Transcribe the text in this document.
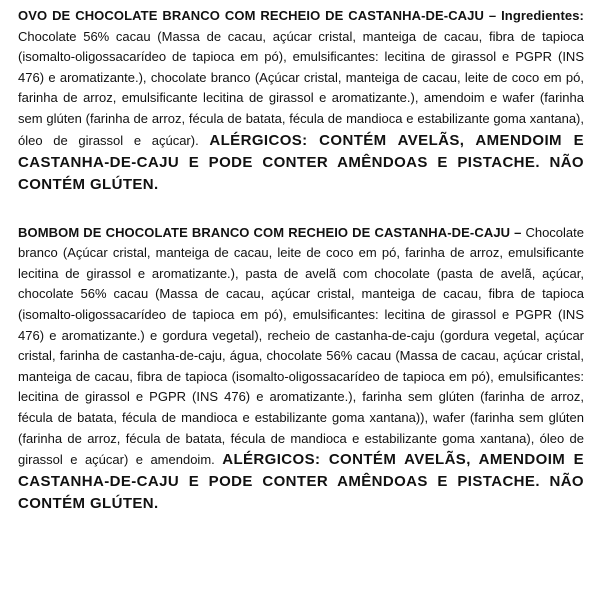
OVO DE CHOCOLATE BRANCO COM RECHEIO DE CASTANHA-DE-CAJU – Ingredientes: Chocolate 56% cacau (Massa de cacau, açúcar cristal, manteiga de cacau, fibra de tapioca (isomalto-oligossacarídeo de tapioca em pó), emulsificantes: lecitina de girassol e PGPR (INS 476) e aromatizante.), chocolate branco (Açúcar cristal, manteiga de cacau, leite de coco em pó, farinha de arroz, emulsificante lecitina de girassol e aromatizante.), amendoim e wafer (farinha sem glúten (farinha de arroz, fécula de batata, fécula de mandioca e estabilizante goma xantana), óleo de girassol e açúcar). ALÉRGICOS: CONTÉM AVELÃS, AMENDOIM E CASTANHA-DE-CAJU E PODE CONTER AMÊNDOAS E PISTACHE. NÃO CONTÉM GLÚTEN.

BOMBOM DE CHOCOLATE BRANCO COM RECHEIO DE CASTANHA-DE-CAJU – Chocolate branco (Açúcar cristal, manteiga de cacau, leite de coco em pó, farinha de arroz, emulsificante lecitina de girassol e aromatizante.), pasta de avelã com chocolate (pasta de avelã, açúcar, chocolate 56% cacau (Massa de cacau, açúcar cristal, manteiga de cacau, fibra de tapioca (isomalto-oligossacarídeo de tapioca em pó), emulsificantes: lecitina de girassol e PGPR (INS 476) e aromatizante.) e gordura vegetal), recheio de castanha-de-caju (gordura vegetal, açúcar cristal, farinha de castanha-de-caju, água, chocolate 56% cacau (Massa de cacau, açúcar cristal, manteiga de cacau, fibra de tapioca (isomalto-oligossacarídeo de tapioca em pó), emulsificantes: lecitina de girassol e PGPR (INS 476) e aromatizante.), farinha sem glúten (farinha de arroz, fécula de batata, fécula de mandioca e estabilizante goma xantana)), wafer (farinha sem glúten (farinha de arroz, fécula de batata, fécula de mandioca e estabilizante goma xantana), óleo de girassol e açúcar) e amendoim. ALÉRGICOS: CONTÉM AVELÃS, AMENDOIM E CASTANHA-DE-CAJU E PODE CONTER AMÊNDOAS E PISTACHE. NÃO CONTÉM GLÚTEN.
